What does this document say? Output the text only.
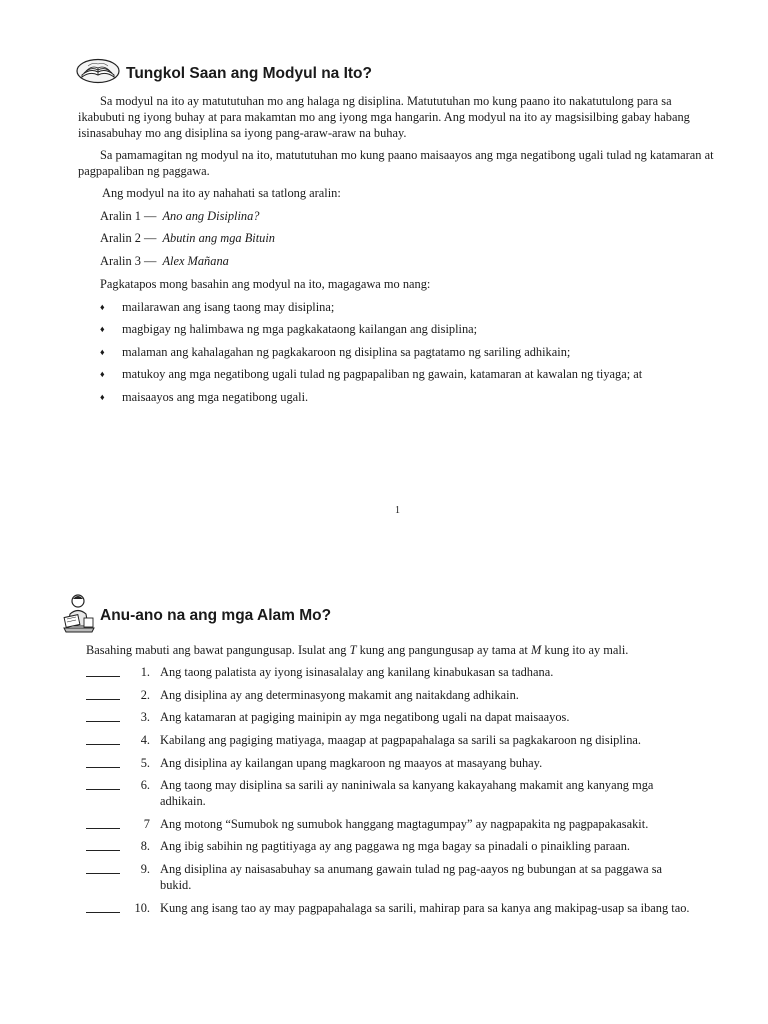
Tungkol Saan ang Modyul na Ito?

Sa modyul na ito ay matututuhan mo ang halaga ng disiplina. Matututuhan mo kung paano ito nakatutulong para sa ikabubuti ng iyong buhay at para makamtan mo ang iyong mga hangarin. Ang modyul na ito ay magsisilbing gabay habang isinasabuhay mo ang disiplina sa iyong pang-araw-araw na buhay.

Sa pamamagitan ng modyul na ito, matututuhan mo kung paano maisaayos ang mga negatibong ugali tulad ng katamaran at pagpapaliban ng paggawa.

Ang modyul na ito ay nahahati sa tatlong aralin:

Aralin 1 — Ano ang Disiplina?
Aralin 2 — Abutin ang mga Bituin
Aralin 3 — Alex Mañana
Pagkatapos mong basahin ang modyul na ito, magagawa mo nang:
♦ mailarawan ang isang taong may disiplina;
♦ magbigay ng halimbawa ng mga pagkakataong kailangan ang disiplina;
♦ malaman ang kahalagahan ng pagkakaroon ng disiplina sa pagtatamo ng sariling adhikain;
♦ matukoy ang mga negatibong ugali tulad ng pagpapaliban ng gawain, katamaran at kawalan ng tiyaga; at
♦ maisaayos ang mga negatibong ugali.
1
Anu-ano na ang mga Alam Mo?

Basahing mabuti ang bawat pangungusap. Isulat ang T kung ang pangungusap ay tama at M kung ito ay mali.

1. Ang taong palatista ay iyong isinasalalay ang kanilang kinabukasan sa tadhana.
2. Ang disiplina ay ang determinasyong makamit ang naitakdang adhikain.
3. Ang katamaran at pagiging mainipin ay mga negatibong ugali na dapat maisaayos.
4. Kabilang ang pagiging matiyaga, maagap at pagpapahalaga sa sarili sa pagkakaroon ng disiplina.
5. Ang disiplina ay kailangan upang magkaroon ng maayos at masayang buhay.
6. Ang taong may disiplina sa sarili ay naniniwala sa kanyang kakayahang makamit ang kanyang mga adhikain.
7 Ang motong “Sumubok ng sumubok hanggang magtagumpay” ay nagpapakita ng pagpapakasakit.
8. Ang ibig sabihin ng pagtitiyaga ay ang paggawa ng mga bagay sa pinadali o pinaikling paraan.
9. Ang disiplina ay naisasabuhay sa anumang gawain tulad ng pag-aayos ng bubungan at sa paggawa sa bukid.
10. Kung ang isang tao ay may pagpapahalaga sa sarili, mahirap para sa kanya ang makipag-usap sa ibang tao.
